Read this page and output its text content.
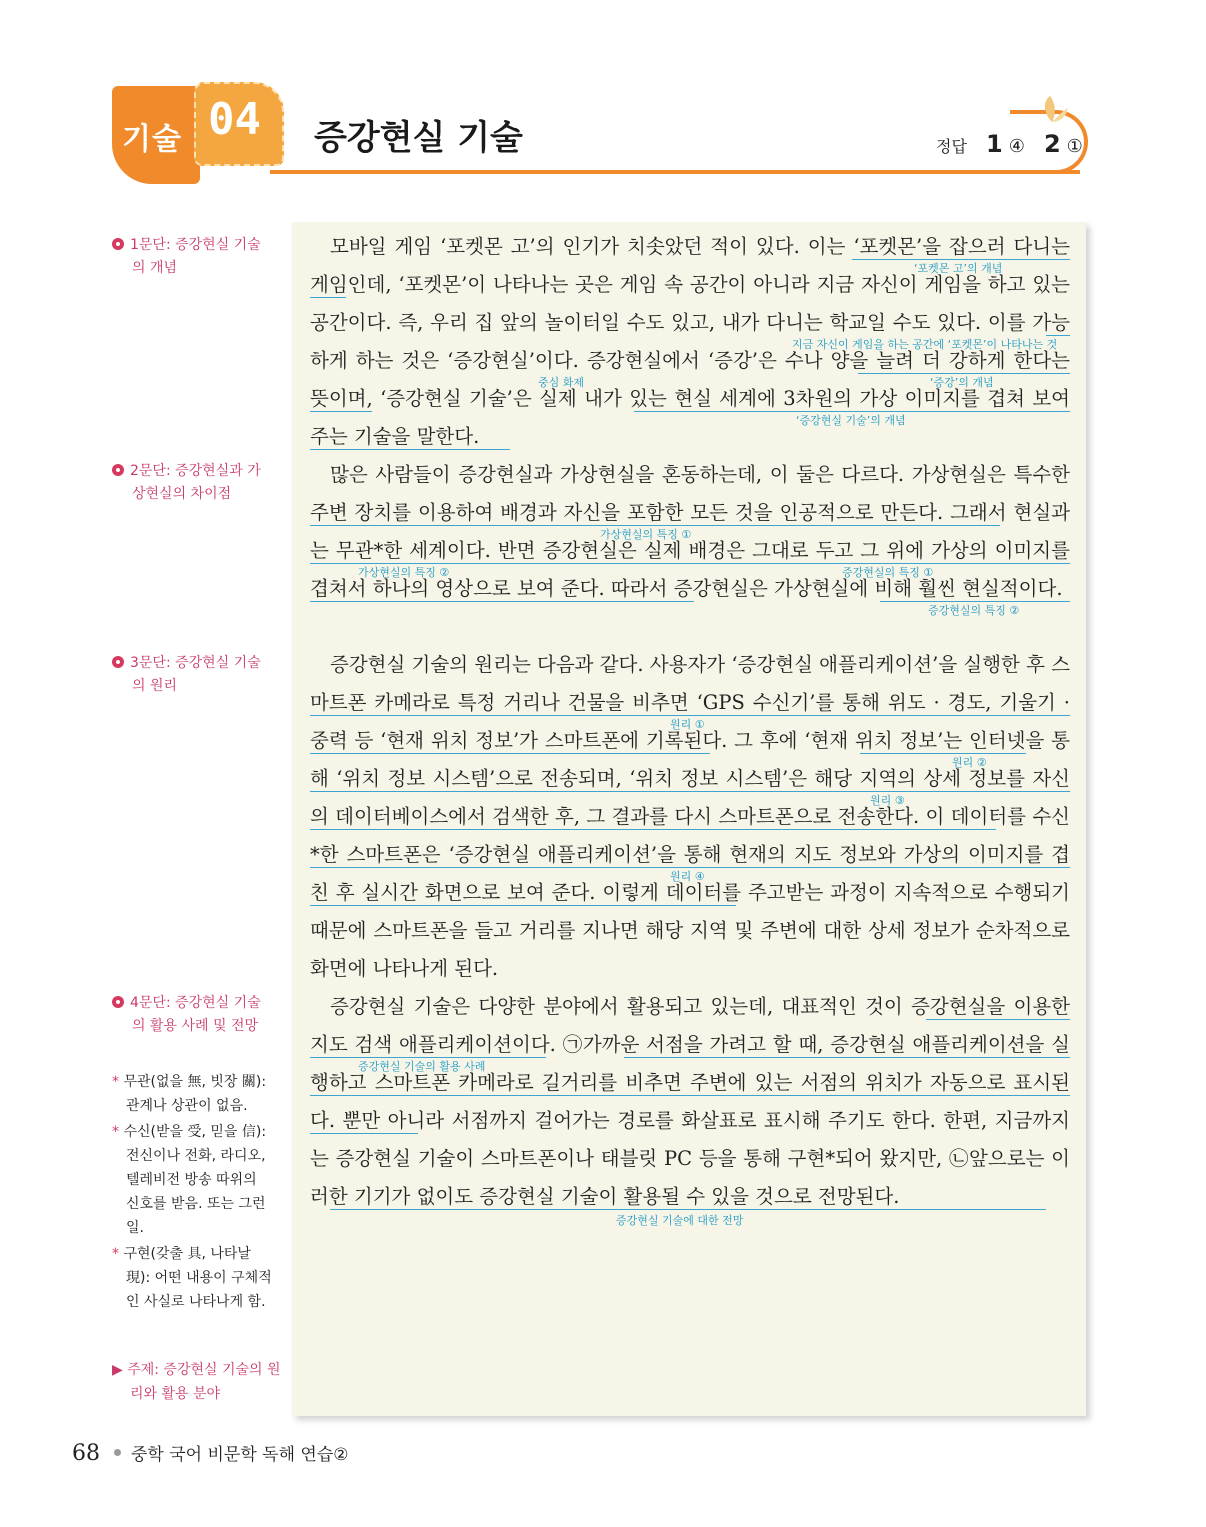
기술 04 증강현실 기술	정답 1 ④ 2 ①
1문단: 증강현실 기술의 개념
2문단: 증강현실과 가상현실의 차이점
3문단: 증강현실 기술의 원리
4문단: 증강현실 기술의 활용 사례 및 전망
* 무관(없을 無, 빗장 關): 관계나 상관이 없음.
* 수신(받을 受, 믿을 信): 전신이나 전화, 라디오, 텔레비전 방송 따위의 신호를 받음. 또는 그런 일.
* 구현(갖출 具, 나타날 現): 어떤 내용이 구체적인 사실로 나타나게 함.
▶ 주제: 증강현실 기술의 원리와 활용 분야

모바일 게임 ‘포켓몬 고’의 인기가 치솟았던 적이 있다. 이는 ‘포켓몬’을 잡으러 다니는 게임인데, ‘포켓몬’이 나타나는 곳은 게임 속 공간이 아니라 지금 자신이 게임을 하고 있는 공간이다. 즉, 우리 집 앞의 놀이터일 수도 있고, 내가 다니는 학교일 수도 있다. 이를 가능하게 하는 것은 ‘증강현실’이다. 증강현실에서 ‘증강’은 수나 양을 늘려 더 강하게 한다는 뜻이며, ‘증강현실 기술’은 실제 내가 있는 현실 세계에 3차원의 가상 이미지를 겹쳐 보여 주는 기술을 말한다.

많은 사람들이 증강현실과 가상현실을 혼동하는데, 이 둘은 다르다. 가상현실은 특수한 주변 장치를 이용하여 배경과 자신을 포함한 모든 것을 인공적으로 만든다. 그래서 현실과는 무관*한 세계이다. 반면 증강현실은 실제 배경은 그대로 두고 그 위에 가상의 이미지를 겹쳐서 하나의 영상으로 보여 준다. 따라서 증강현실은 가상현실에 비해 훨씬 현실적이다.

증강현실 기술의 원리는 다음과 같다. 사용자가 ‘증강현실 애플리케이션’을 실행한 후 스마트폰 카메라로 특정 거리나 건물을 비추면 ‘GPS 수신기’를 통해 위도 · 경도, 기울기 · 중력 등 ‘현재 위치 정보’가 스마트폰에 기록된다. 그 후에 ‘현재 위치 정보’는 인터넷을 통해 ‘위치 정보 시스템’으로 전송되며, ‘위치 정보 시스템’은 해당 지역의 상세 정보를 자신의 데이터베이스에서 검색한 후, 그 결과를 다시 스마트폰으로 전송한다. 이 데이터를 수신*한 스마트폰은 ‘증강현실 애플리케이션’을 통해 현재의 지도 정보와 가상의 이미지를 겹친 후 실시간 화면으로 보여 준다. 이렇게 데이터를 주고받는 과정이 지속적으로 수행되기 때문에 스마트폰을 들고 거리를 지나면 해당 지역 및 주변에 대한 상세 정보가 순차적으로 화면에 나타나게 된다.

증강현실 기술은 다양한 분야에서 활용되고 있는데, 대표적인 것이 증강현실을 이용한 지도 검색 애플리케이션이다. ㉠가까운 서점을 가려고 할 때, 증강현실 애플리케이션을 실행하고 스마트폰 카메라로 길거리를 비추면 주변에 있는 서점의 위치가 자동으로 표시된다. 뿐만 아니라 서점까지 걸어가는 경로를 화살표로 표시해 주기도 한다. 한편, 지금까지는 증강현실 기술이 스마트폰이나 태블릿 PC 등을 통해 구현*되어 왔지만, ㉡앞으로는 이러한 기기가 없이도 증강현실 기술이 활용될 수 있을 것으로 전망된다.

‘포켓몬 고’의 개념
지금 자신이 게임을 하는 공간에 ‘포켓몬’이 나타나는 것
중심 화제	‘증강’의 개념
‘증강현실 기술’의 개념
가상현실의 특징 ①
가상현실의 특징 ②	증강현실의 특징 ①
증강현실의 특징 ②
원리 ①
원리 ②
원리 ③
원리 ④
증강현실 기술의 활용 사례
증강현실 기술에 대한 전망
68 중학 국어 비문학 독해 연습②
